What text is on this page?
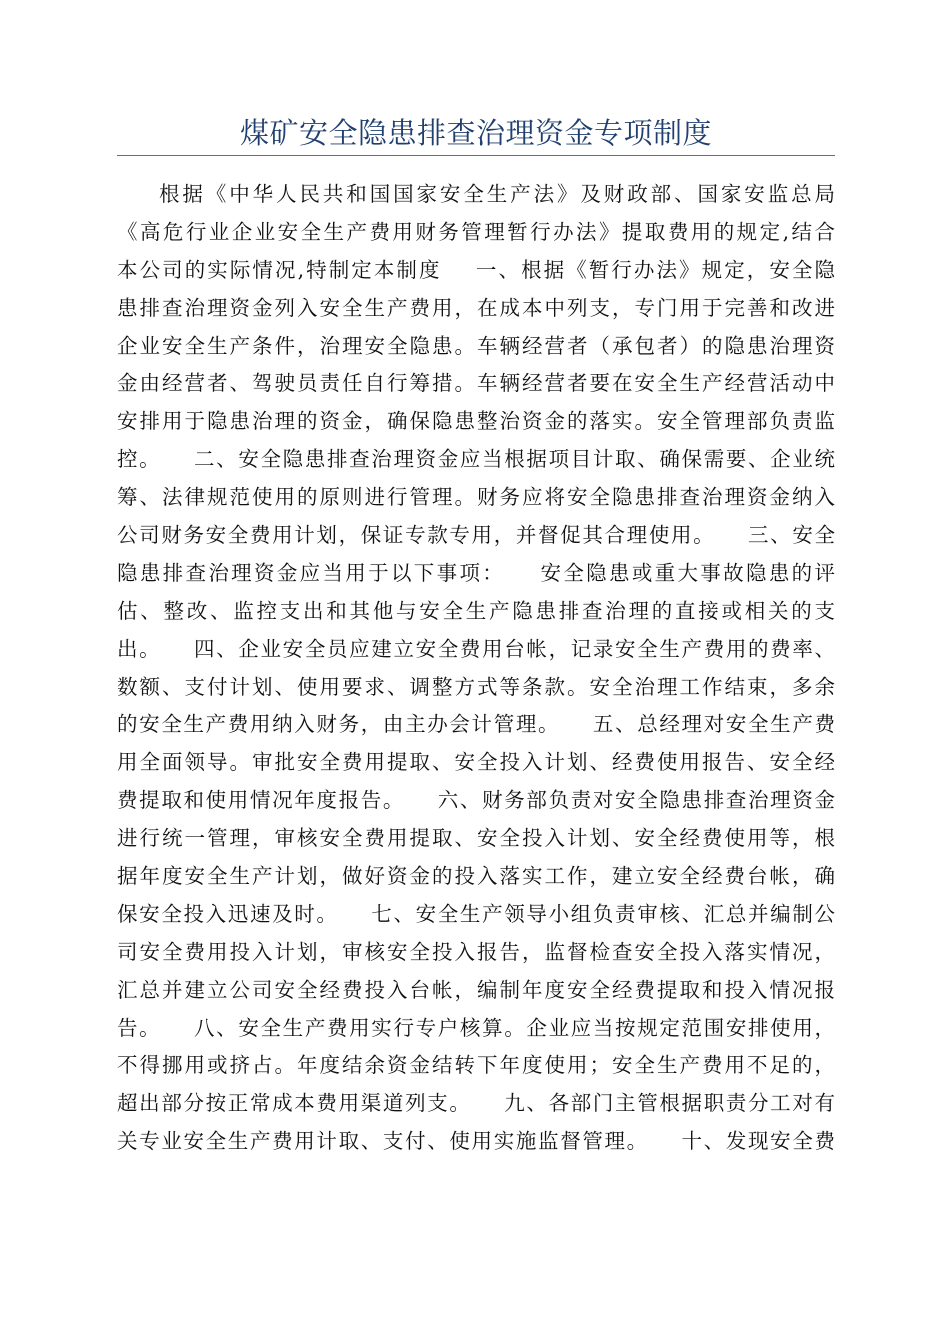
煤矿安全隐患排查治理资金专项制度
根据《中华人民共和国国家安全生产法》及财政部、国家安监总局
《高危行业企业安全生产费用财务管理暂行办法》提取费用的规定,结合
本公司的实际情况,特制定本制度    一、根据《暂行办法》规定，安全隐
患排查治理资金列入安全生产费用，在成本中列支，专门用于完善和改进
企业安全生产条件，治理安全隐患。车辆经营者（承包者）的隐患治理资
金由经营者、驾驶员责任自行筹措。车辆经营者要在安全生产经营活动中
安排用于隐患治理的资金，确保隐患整治资金的落实。安全管理部负责监
控。    二、安全隐患排查治理资金应当根据项目计取、确保需要、企业统
筹、法律规范使用的原则进行管理。财务应将安全隐患排查治理资金纳入
公司财务安全费用计划，保证专款专用，并督促其合理使用。    三、安全
隐患排查治理资金应当用于以下事项：    安全隐患或重大事故隐患的评
估、整改、监控支出和其他与安全生产隐患排查治理的直接或相关的支
出。    四、企业安全员应建立安全费用台帐，记录安全生产费用的费率、
数额、支付计划、使用要求、调整方式等条款。安全治理工作结束，多余
的安全生产费用纳入财务，由主办会计管理。    五、总经理对安全生产费
用全面领导。审批安全费用提取、安全投入计划、经费使用报告、安全经
费提取和使用情况年度报告。    六、财务部负责对安全隐患排查治理资金
进行统一管理，审核安全费用提取、安全投入计划、安全经费使用等，根
据年度安全生产计划，做好资金的投入落实工作，建立安全经费台帐，确
保安全投入迅速及时。    七、安全生产领导小组负责审核、汇总并编制公
司安全费用投入计划，审核安全投入报告，监督检查安全投入落实情况，
汇总并建立公司安全经费投入台帐，编制年度安全经费提取和投入情况报
告。    八、安全生产费用实行专户核算。企业应当按规定范围安排使用，
不得挪用或挤占。年度结余资金结转下年度使用；安全生产费用不足的，
超出部分按正常成本费用渠道列支。    九、各部门主管根据职责分工对有
关专业安全生产费用计取、支付、使用实施监督管理。    十、发现安全费
